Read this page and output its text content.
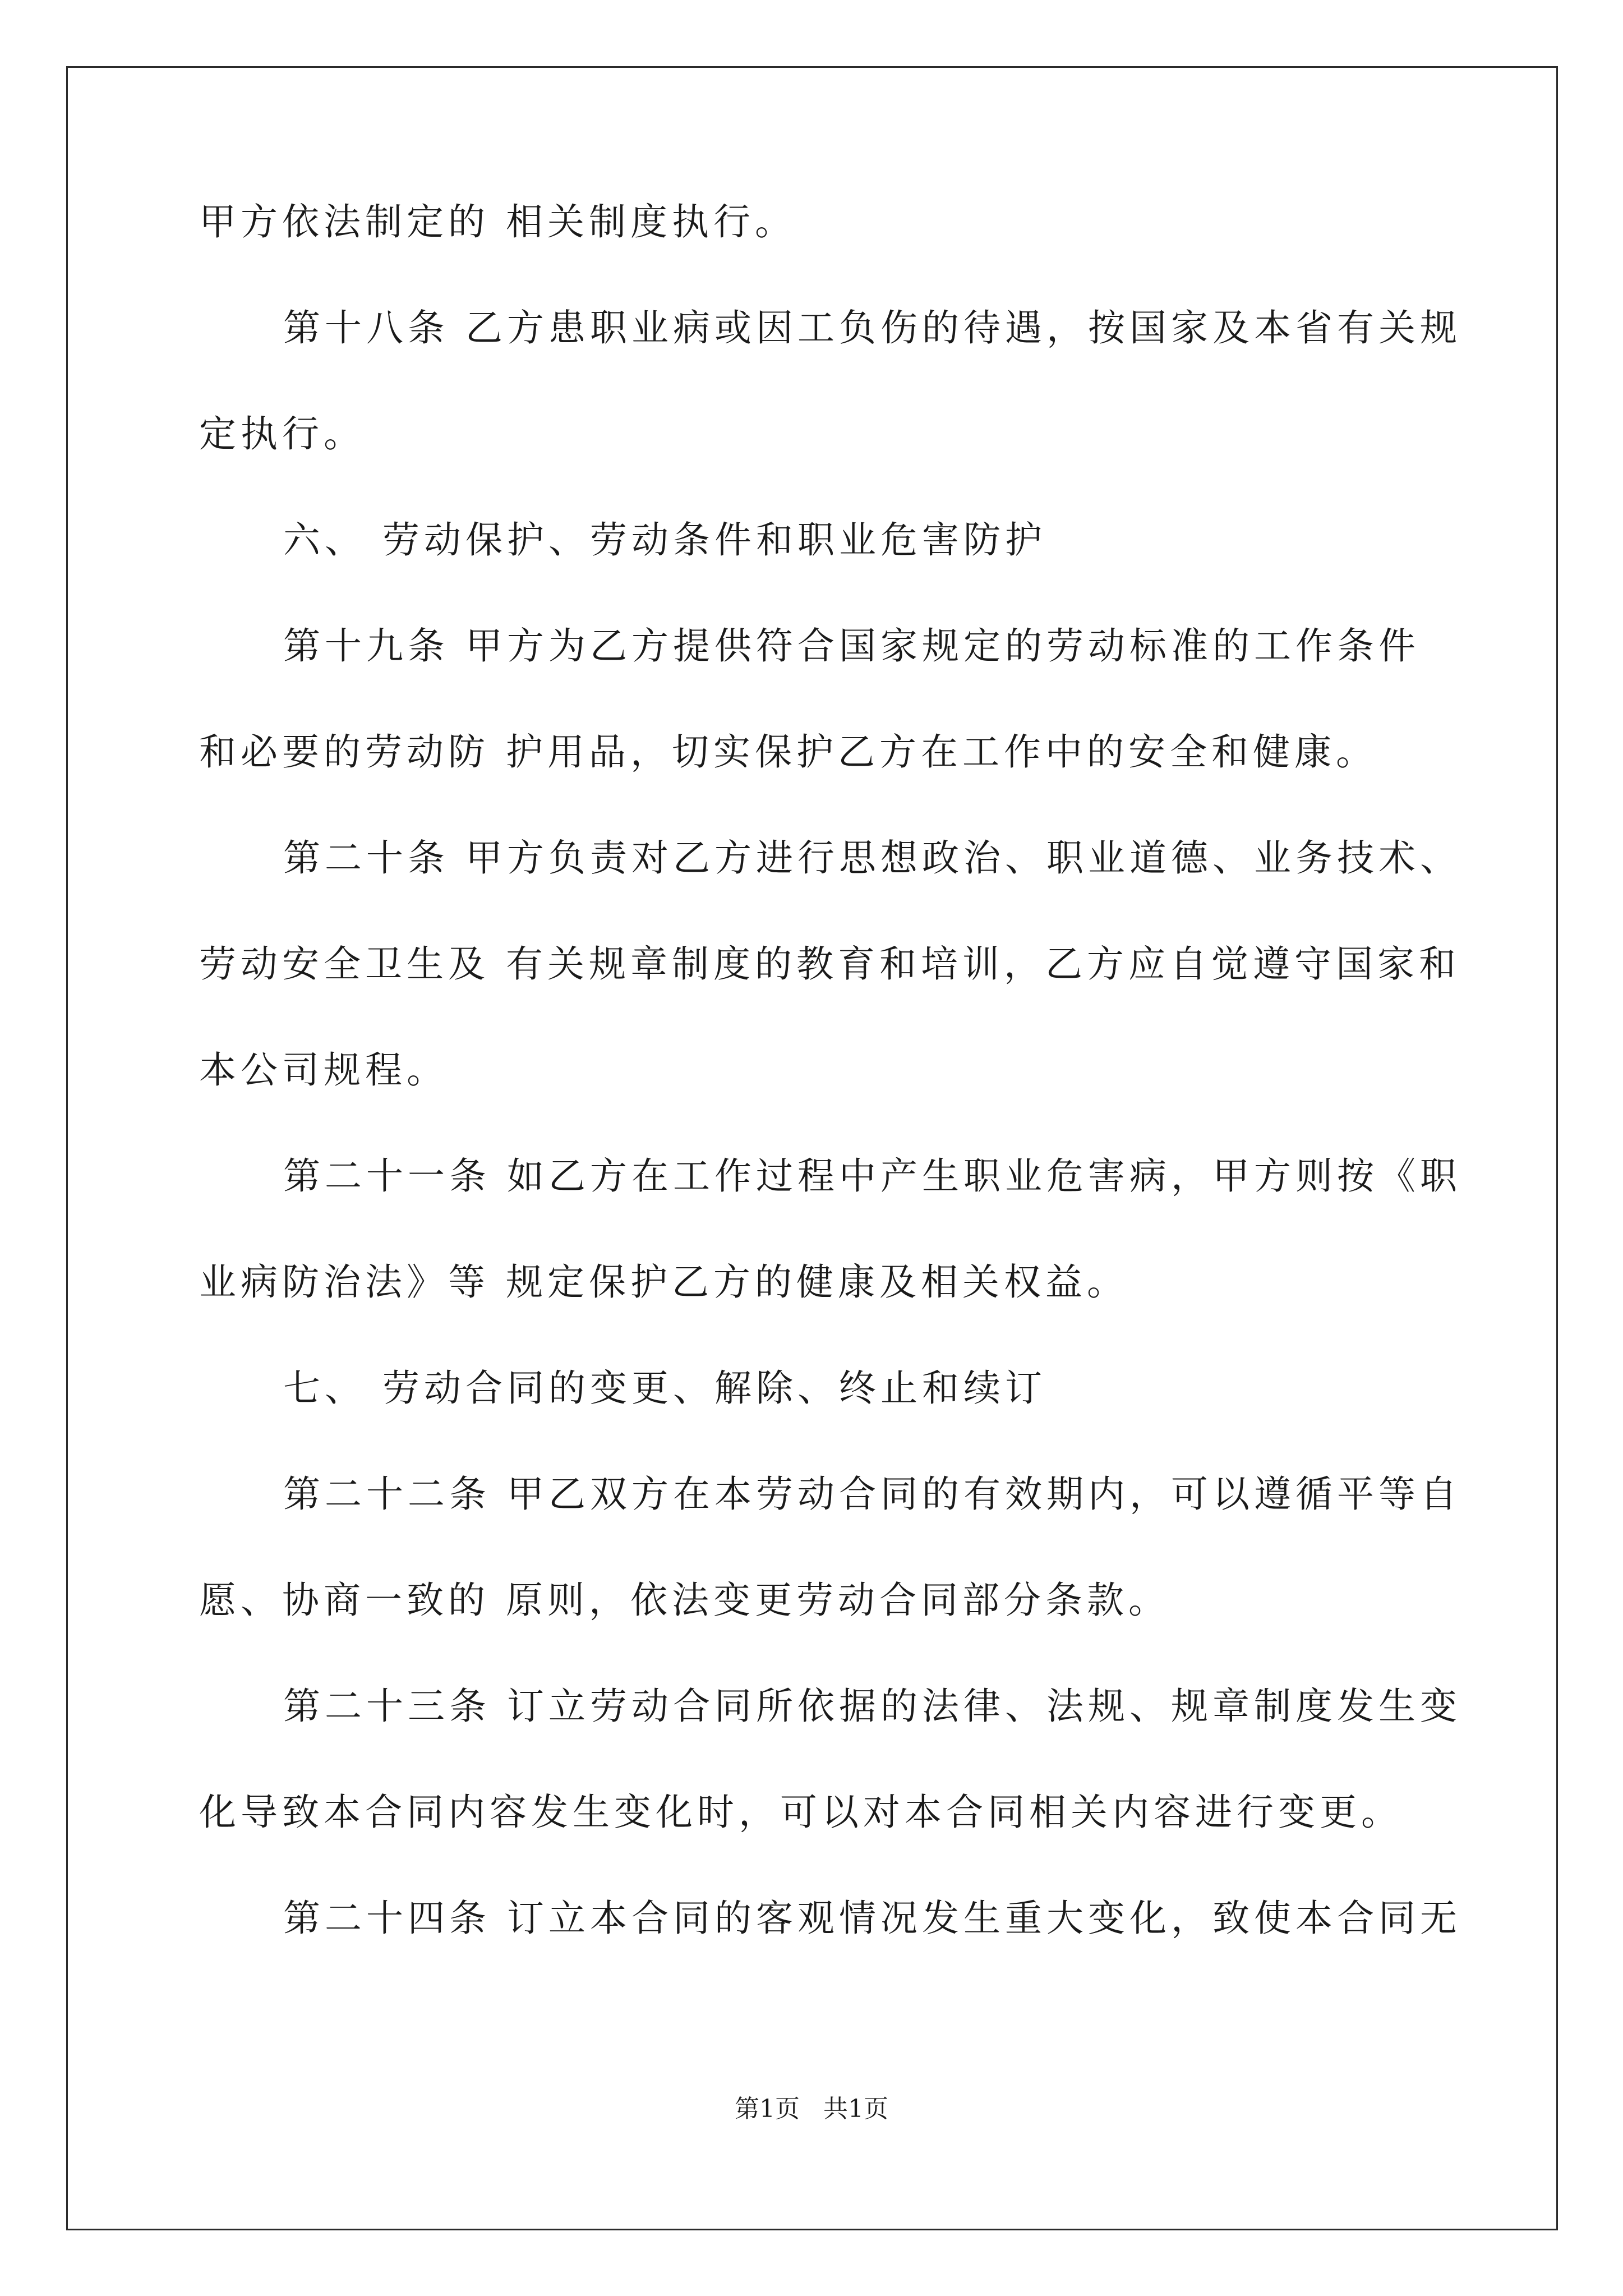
甲方依法制定的 相关制度执行。
第十八条 乙方患职业病或因工负伤的待遇，按国家及本省有关规
定执行。
六、 劳动保护、劳动条件和职业危害防护
第十九条 甲方为乙方提供符合国家规定的劳动标准的工作条件
和必要的劳动防 护用品，切实保护乙方在工作中的安全和健康。
第二十条 甲方负责对乙方进行思想政治、职业道德、业务技术、
劳动安全卫生及 有关规章制度的教育和培训，乙方应自觉遵守国家和
本公司规程。
第二十一条 如乙方在工作过程中产生职业危害病，甲方则按《职
业病防治法》等 规定保护乙方的健康及相关权益。
七、 劳动合同的变更、解除、终止和续订
第二十二条 甲乙双方在本劳动合同的有效期内，可以遵循平等自
愿、协商一致的 原则，依法变更劳动合同部分条款。
第二十三条 订立劳动合同所依据的法律、法规、规章制度发生变
化导致本合同内容发生变化时，可以对本合同相关内容进行变更。
第二十四条 订立本合同的客观情况发生重大变化，致使本合同无
第1页   共1页
